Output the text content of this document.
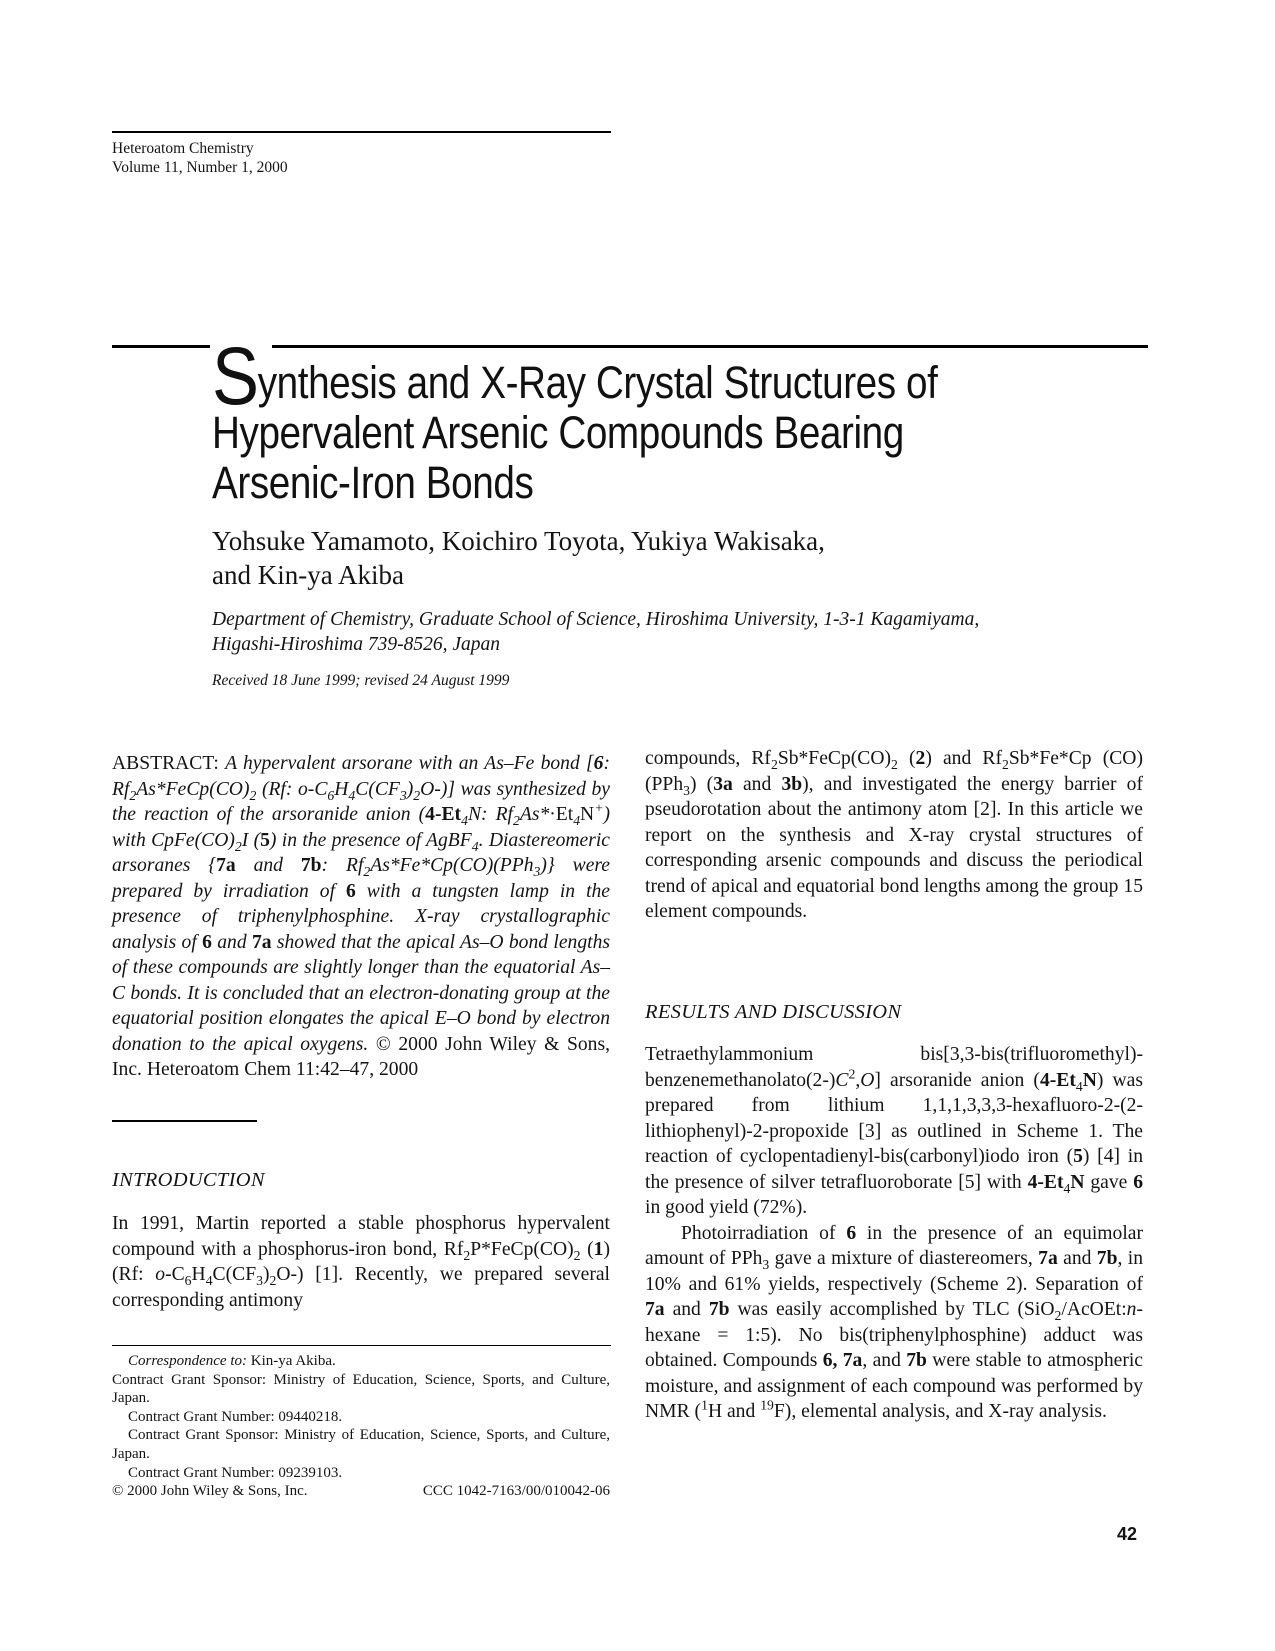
Heteroatom Chemistry
Volume 11, Number 1, 2000
Synthesis and X-Ray Crystal Structures of
Hypervalent Arsenic Compounds Bearing
Arsenic-Iron Bonds
Yohsuke Yamamoto, Koichiro Toyota, Yukiya Wakisaka,
and Kin-ya Akiba
Department of Chemistry, Graduate School of Science, Hiroshima University, 1-3-1 Kagamiyama,
Higashi-Hiroshima 739-8526, Japan
Received 18 June 1999; revised 24 August 1999

ABSTRACT: A hypervalent arsorane with an As–Fe bond [6: $Rf_2As*FeCp(CO)_2$ (Rf: $o-C_6H_4C(CF_3)_2O-$)] was synthesized by the reaction of the arsoranide anion ($4-Et_4N$: $Rf_2As*\cdot Et_4N^+$) with $CpFe(CO)_2I$ (5) in the presence of AgBF$_4$. Diastereomeric arsoranes {7a and 7b: $Rf_2As*Fe*Cp(CO)(PPh_3)$} were prepared by irradiation of 6 with a tungsten lamp in the presence of triphenylphosphine. X-ray crystallographic analysis of 6 and 7a showed that the apical As–O bond lengths of these compounds are slightly longer than the equatorial As–C bonds. It is concluded that an electron-donating group at the equatorial position elongates the apical E–O bond by electron donation to the apical oxygens. © 2000 John Wiley & Sons, Inc. Heteroatom Chem 11:42–47, 2000

INTRODUCTION

In 1991, Martin reported a stable phosphorus hypervalent compound with a phosphorus-iron bond, $Rf_2P*FeCp(CO)_2$ (1) (Rf: $o-C_6H_4C(CF_3)_2O-$) [1]. Recently, we prepared several corresponding antimony

Correspondence to: Kin-ya Akiba.

Contract Grant Sponsor: Ministry of Education, Science, Sports, and Culture, Japan.

Contract Grant Number: 09440218.

Contract Grant Sponsor: Ministry of Education, Science, Sports, and Culture, Japan.

Contract Grant Number: 09239103.

© 2000 John Wiley & Sons, Inc.	CCC 1042-7163/00/010042-06

compounds, $Rf_2Sb*FeCp(CO)_2$ (2) and $Rf_2Sb*Fe*Cp$ (CO)(PPh$_3$) (3a and 3b), and investigated the energy barrier of pseudorotation about the antimony atom [2]. In this article we report on the synthesis and X-ray crystal structures of corresponding arsenic compounds and discuss the periodical trend of apical and equatorial bond lengths among the group 15 element compounds.

RESULTS AND DISCUSSION

Tetraethylammonium $bis[3,3-bis(trifluoromethyl)-benzenemethanolato(2-)C^2,O]$ arsoranide anion $(4-Et_4N)$ was prepared from lithium 1,1,1,3,3,3-hexafluoro-2-(2-lithiophenyl)-2-propoxide [3] as outlined in Scheme 1. The reaction of cyclopentadienyl-bis(carbonyl)iodo iron (5) [4] in the presence of silver tetrafluoroborate [5] with $4-Et_4N$ gave 6 in good yield (72%).

Photoirradiation of 6 in the presence of an equimolar amount of PPh$_3$ gave a mixture of diastereomers, 7a and 7b, in 10% and 61% yields, respectively (Scheme 2). Separation of 7a and 7b was easily accomplished by TLC (SiO$_2$/AcOEt:n-hexane = 1:5). No bis(triphenylphosphine) adduct was obtained. Compounds 6, 7a, and 7b were stable to atmospheric moisture, and assignment of each compound was performed by NMR ($^1$H and $^{19}$F), elemental analysis, and X-ray analysis.

42
